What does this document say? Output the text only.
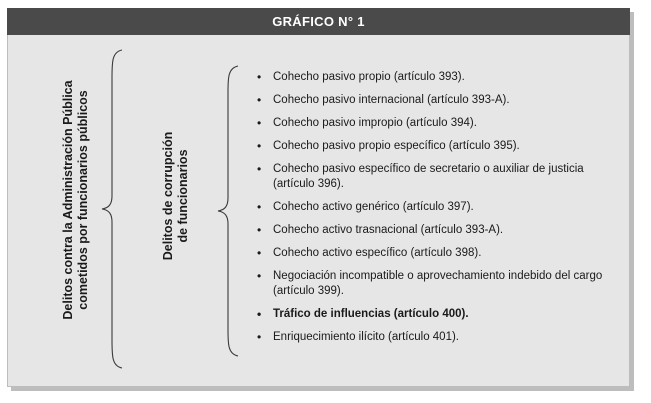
GRÁFICO N° 1
Delitos contra la Administración Pública cometidos por funcionarios públicos	Delitos de corrupción de funcionarios
• Cohecho pasivo propio (artículo 393).
• Cohecho pasivo internacional (artículo 393-A).
• Cohecho pasivo impropio (artículo 394).
• Cohecho pasivo propio específico (artículo 395).
• Cohecho pasivo específico de secretario o auxiliar de justicia (artículo 396).
• Cohecho activo genérico (artículo 397).
• Cohecho activo trasnacional (artículo 393-A).
• Cohecho activo específico (artículo 398).
• Negociación incompatible o aprovechamiento indebido del cargo (artículo 399).
• Tráfico de influencias (artículo 400).
• Enriquecimiento ilícito (artículo 401).
